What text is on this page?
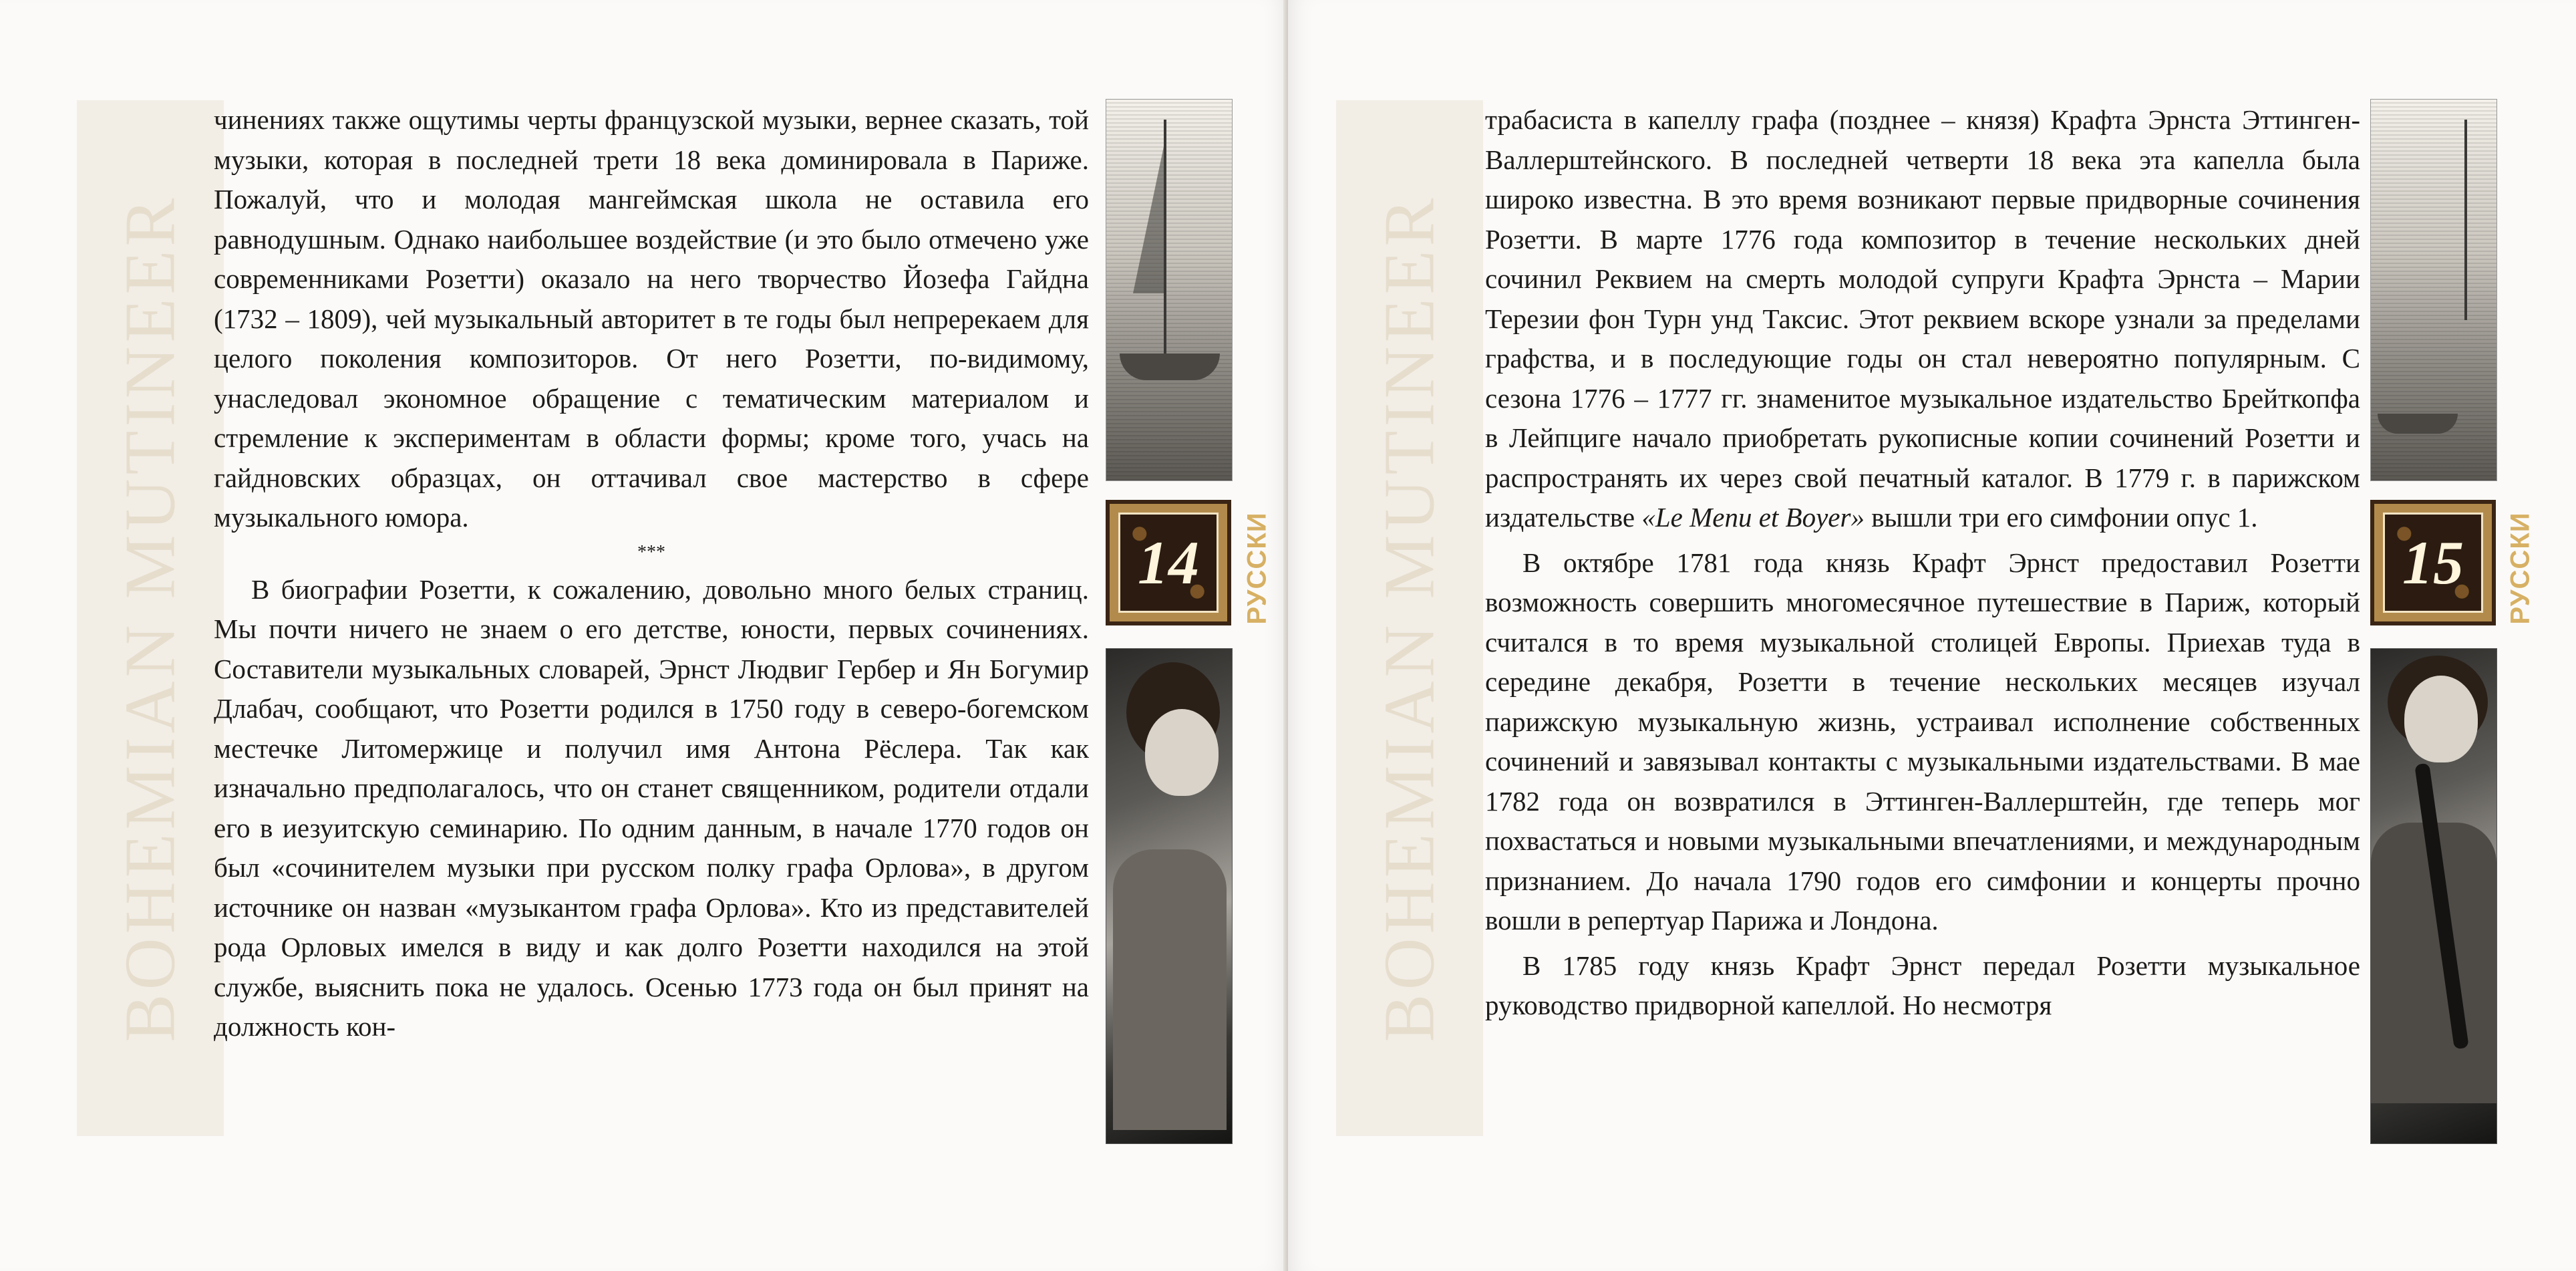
BOHEMIAN MUTINEER

чинениях также ощутимы черты французской музыки, вернее сказать, той музыки, которая в последней трети 18 века доминировала в Париже. Пожалуй, что и молодая мангеймская школа не оставила его равнодушным. Однако наибольшее воздействие (и это было отмечено уже современниками Розетти) оказало на него творчество Йозефа Гайдна (1732 – 1809), чей музыкальный авторитет в те годы был непререкаем для целого поколения композиторов. От него Розетти, по-видимому, унаследовал экономное обращение с тематическим материалом и стремление к экспериментам в области формы; кроме того, учась на гайдновских образцах, он оттачивал свое мастерство в сфере музыкального юмора.

***

В биографии Розетти, к сожалению, довольно много белых страниц. Мы почти ничего не знаем о его детстве, юности, первых сочинениях. Составители музыкальных словарей, Эрнст Людвиг Гербер и Ян Богумир Длабач, сообщают, что Розетти родился в 1750 году в северо-богемском местечке Литомержице и получил имя Антона Рёслера. Так как изначально предполагалось, что он станет священником, родители отдали его в иезуитскую семинарию. По одним данным, в начале 1770 годов он был «сочинителем музыки при русском полку графа Орлова», в другом источнике он назван «музыкантом графа Орлова». Кто из представителей рода Орловых имелся в виду и как долго Розетти находился на этой службе, выяснить пока не удалось. Осенью 1773 года он был принят на должность кон-

14 РУССКИ BOHEMIAN MUTINEER

трабасиста в капеллу графа (позднее – князя) Крафта Эрнста Эттинген-Валлерштейнского. В последней четверти 18 века эта капелла была широко известна. В это время возникают первые придворные сочинения Розетти. В марте 1776 года композитор в течение нескольких дней сочинил Реквием на смерть молодой супруги Крафта Эрнста – Марии Терезии фон Турн унд Таксис. Этот реквием вскоре узнали за пределами графства, и в последующие годы он стал невероятно популярным. С сезона 1776 – 1777 гг. знаменитое музыкальное издательство Брейткопфа в Лейпциге начало приобретать рукописные копии сочинений Розетти и распространять их через свой печатный каталог. В 1779 г. в парижском издательстве «Le Menu et Boyer» вышли три его симфонии опус 1.

В октябре 1781 года князь Крафт Эрнст предоставил Розетти возможность совершить многомесячное путешествие в Париж, который считался в то время музыкальной столицей Европы. Приехав туда в середине декабря, Розетти в течение нескольких месяцев изучал парижскую музыкальную жизнь, устраивал исполнение собственных сочинений и завязывал контакты с музыкальными издательствами. В мае 1782 года он возвратился в Эттинген-Валлерштейн, где теперь мог похвастаться и новыми музыкальными впечатлениями, и международным признанием. До начала 1790 годов его симфонии и концерты прочно вошли в репертуар Парижа и Лондона.

В 1785 году князь Крафт Эрнст передал Розетти музыкальное руководство придворной капеллой. Но несмотря

15 РУССКИ
